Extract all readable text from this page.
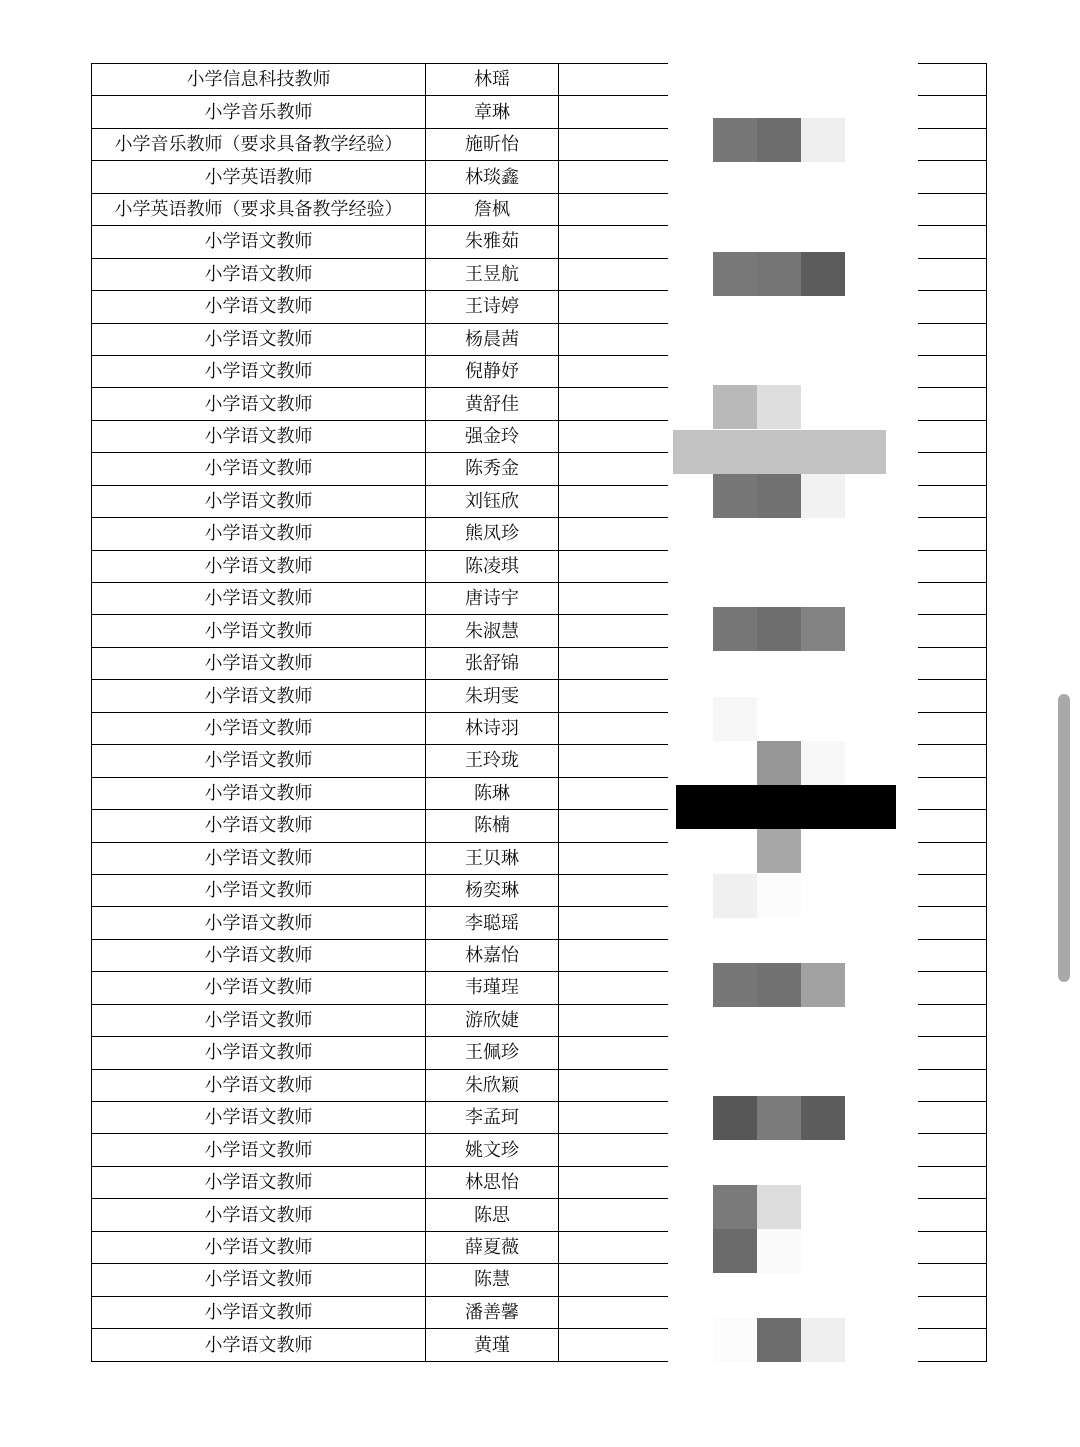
小学信息科技教师	林瑶		
小学音乐教师	章琳		
小学音乐教师（要求具备教学经验）	施昕怡		
小学英语教师	林琰鑫		
小学英语教师（要求具备教学经验）	詹枫		
小学语文教师	朱雅茹		
小学语文教师	王昱航		
小学语文教师	王诗婷		
小学语文教师	杨晨茜		
小学语文教师	倪静妤		
小学语文教师	黄舒佳		
小学语文教师	强金玲		
小学语文教师	陈秀金		
小学语文教师	刘钰欣		
小学语文教师	熊凤珍		
小学语文教师	陈凌琪		
小学语文教师	唐诗宇		
小学语文教师	朱淑慧		
小学语文教师	张舒锦		
小学语文教师	朱玥雯		
小学语文教师	林诗羽		
小学语文教师	王玲珑		
小学语文教师	陈琳		
小学语文教师	陈楠		
小学语文教师	王贝琳		
小学语文教师	杨奕琳		
小学语文教师	李聪瑶		
小学语文教师	林嘉怡		
小学语文教师	韦瑾珵		
小学语文教师	游欣婕		
小学语文教师	王佩珍		
小学语文教师	朱欣颖		
小学语文教师	李孟珂		
小学语文教师	姚文珍		
小学语文教师	林思怡		
小学语文教师	陈思		
小学语文教师	薛夏薇		
小学语文教师	陈慧		
小学语文教师	潘善馨		
小学语文教师	黄瑾		
